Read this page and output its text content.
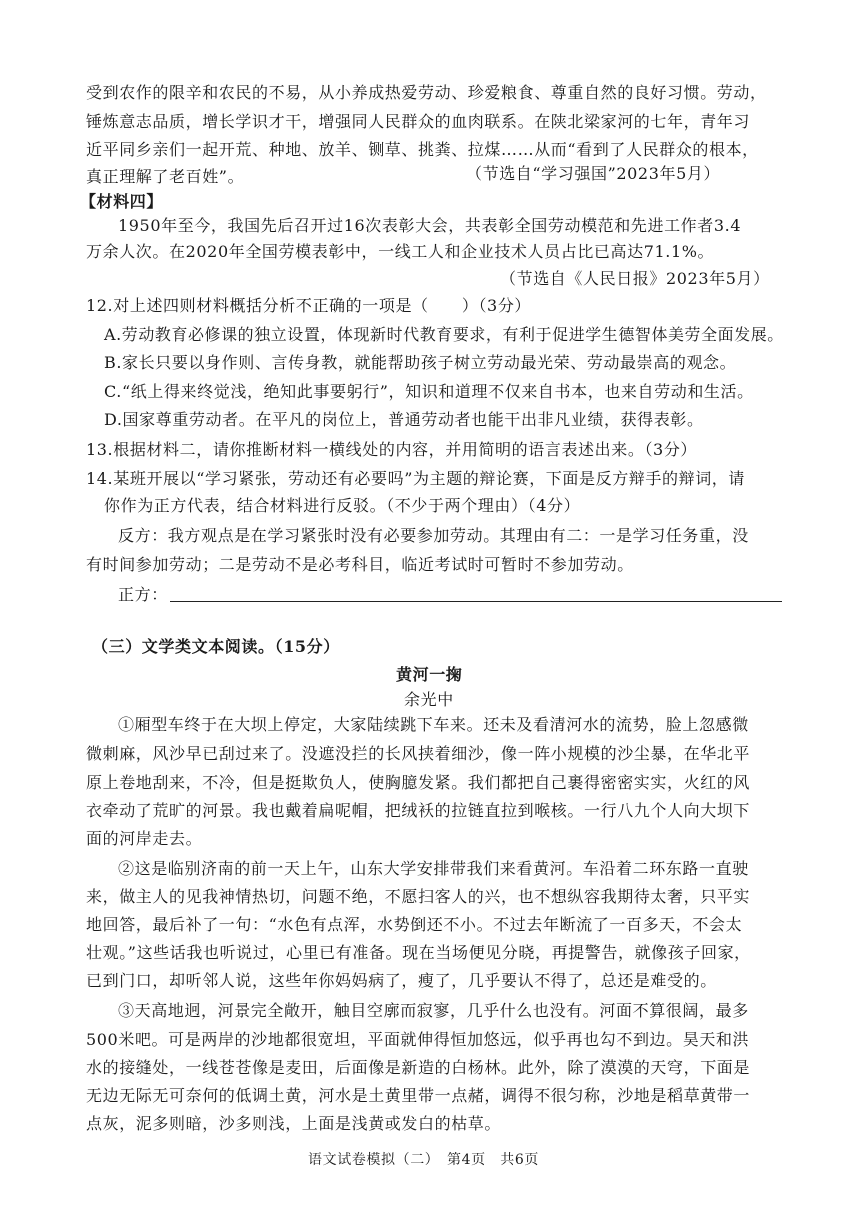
受到农作的限辛和农民的不易，从小养成热爱劳动、珍爱粮食、尊重自然的良好习惯。劳动，
锤炼意志品质，增长学识才干，增强同人民群众的血肉联系。在陕北梁家河的七年，青年习
近平同乡亲们一起开荒、种地、放羊、铡草、挑粪、拉煤……从而“看到了人民群众的根本，
真正理解了老百姓”。	（节选自“学习强国”2023年5月）
【材料四】
1950年至今，我国先后召开过16次表彰大会，共表彰全国劳动模范和先进工作者3.4
万余人次。在2020年全国劳模表彰中，一线工人和企业技术人员占比已高达71.1%。
（节选自《人民日报》2023年5月）
12.对上述四则材料概括分析不正确的一项是（　　）（3分）
A.劳动教育必修课的独立设置，体现新时代教育要求，有利于促进学生德智体美劳全面发展。
B.家长只要以身作则、言传身教，就能帮助孩子树立劳动最光荣、劳动最崇高的观念。
C.“纸上得来终觉浅，绝知此事要躬行”，知识和道理不仅来自书本，也来自劳动和生活。
D.国家尊重劳动者。在平凡的岗位上，普通劳动者也能干出非凡业绩，获得表彰。
13.根据材料二，请你推断材料一横线处的内容，并用简明的语言表述出来。（3分）
14.某班开展以“学习紧张，劳动还有必要吗”为主题的辩论赛，下面是反方辩手的辩词，请
你作为正方代表，结合材料进行反驳。（不少于两个理由）（4分）
反方：我方观点是在学习紧张时没有必要参加劳动。其理由有二：一是学习任务重，没
有时间参加劳动；二是劳动不是必考科目，临近考试时可暂时不参加劳动。
正方：
（三）文学类文本阅读。（15分）
黄河一掬
余光中
①厢型车终于在大坝上停定，大家陆续跳下车来。还未及看清河水的流势，脸上忽感微
微刺麻，风沙早已刮过来了。没遮没拦的长风挟着细沙，像一阵小规模的沙尘暴，在华北平
原上卷地刮来，不冷，但是挺欺负人，使胸臆发紧。我们都把自己裹得密密实实，火红的风
衣牵动了荒旷的河景。我也戴着扁呢帽，把绒袄的拉链直拉到喉核。一行八九个人向大坝下
面的河岸走去。
②这是临别济南的前一天上午，山东大学安排带我们来看黄河。车沿着二环东路一直驶
来，做主人的见我神情热切，问题不绝，不愿扫客人的兴，也不想纵容我期待太奢，只平实
地回答，最后补了一句：“水色有点浑，水势倒还不小。不过去年断流了一百多天，不会太
壮观。”这些话我也听说过，心里已有准备。现在当场便见分晓，再提警告，就像孩子回家，
已到门口，却听邻人说，这些年你妈妈病了，瘦了，几乎要认不得了，总还是难受的。
③天高地迥，河景完全敞开，触目空廓而寂寥，几乎什么也没有。河面不算很阔，最多
500米吧。可是两岸的沙地都很宽坦，平面就伸得恒加悠远，似乎再也勾不到边。昊天和洪
水的接缝处，一线苍苍像是麦田，后面像是新造的白杨林。此外，除了漠漠的天穹，下面是
无边无际无可奈何的低调土黄，河水是土黄里带一点赭，调得不很匀称，沙地是稻草黄带一
点灰，泥多则暗，沙多则浅，上面是浅黄或发白的枯草。
语文试卷模拟（二）　第4页　共6页
